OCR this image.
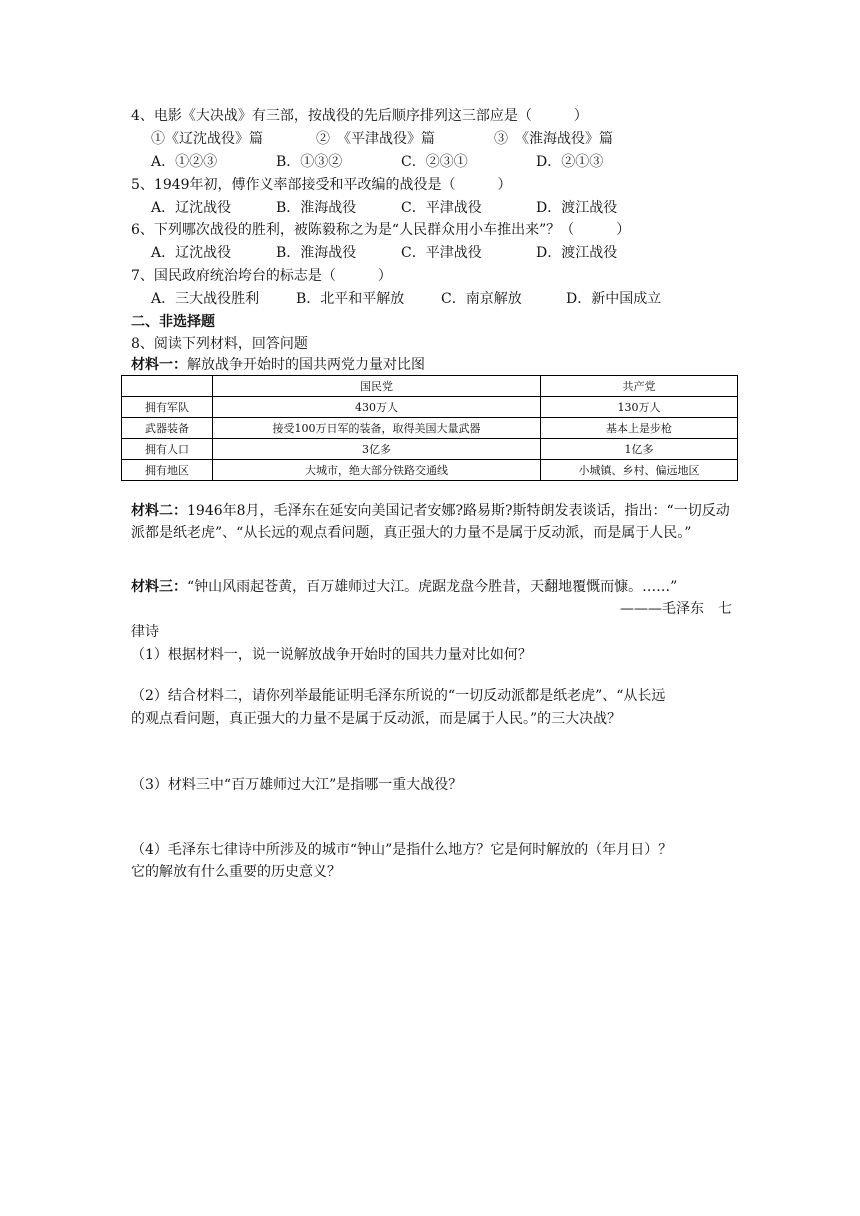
4、电影《大决战》有三部，按战役的先后顺序排列这三部应是（　　　）
①《辽沈战役》篇	②　《平津战役》篇	③　《淮海战役》篇
A．①②③	B．①③②	C．②③①	D．②①③
5、1949年初，傅作义率部接受和平改编的战役是（　　　）
A．辽沈战役	B．淮海战役	C．平津战役	D．渡江战役
6、下列哪次战役的胜利，被陈毅称之为是“人民群众用小车推出来”？（　　　）
A．辽沈战役	B．淮海战役	C．平津战役	D．渡江战役
7、国民政府统治垮台的标志是（　　　）
A．三大战役胜利	B．北平和平解放	C．南京解放	D．新中国成立
二、非选择题
8、阅读下列材料，回答问题
材料一：解放战争开始时的国共两党力量对比图
	国民党	共产党
拥有军队	430万人	130万人
武器装备	接受100万日军的装备，取得美国大量武器	基本上是步枪
拥有人口	3亿多	1亿多
拥有地区	大城市，绝大部分铁路交通线	小城镇、乡村、偏远地区
材料二：1946年8月，毛泽东在延安向美国记者安娜?路易斯?斯特朗发表谈话，指出：“一切反动派都是纸老虎”、“从长远的观点看问题，真正强大的力量不是属于反动派，而是属于人民。”
材料三：“钟山风雨起苍黄，百万雄师过大江。虎踞龙盘今胜昔，天翻地覆慨而慷。……”
———毛泽东　七
律诗
（1）根据材料一，说一说解放战争开始时的国共力量对比如何？
（2）结合材料二，请你列举最能证明毛泽东所说的“一切反动派都是纸老虎”、“从长远
的观点看问题，真正强大的力量不是属于反动派，而是属于人民。”的三大决战？
（3）材料三中“百万雄师过大江”是指哪一重大战役？
（4）毛泽东七律诗中所涉及的城市“钟山”是指什么地方？它是何时解放的（年月日）？
它的解放有什么重要的历史意义？
